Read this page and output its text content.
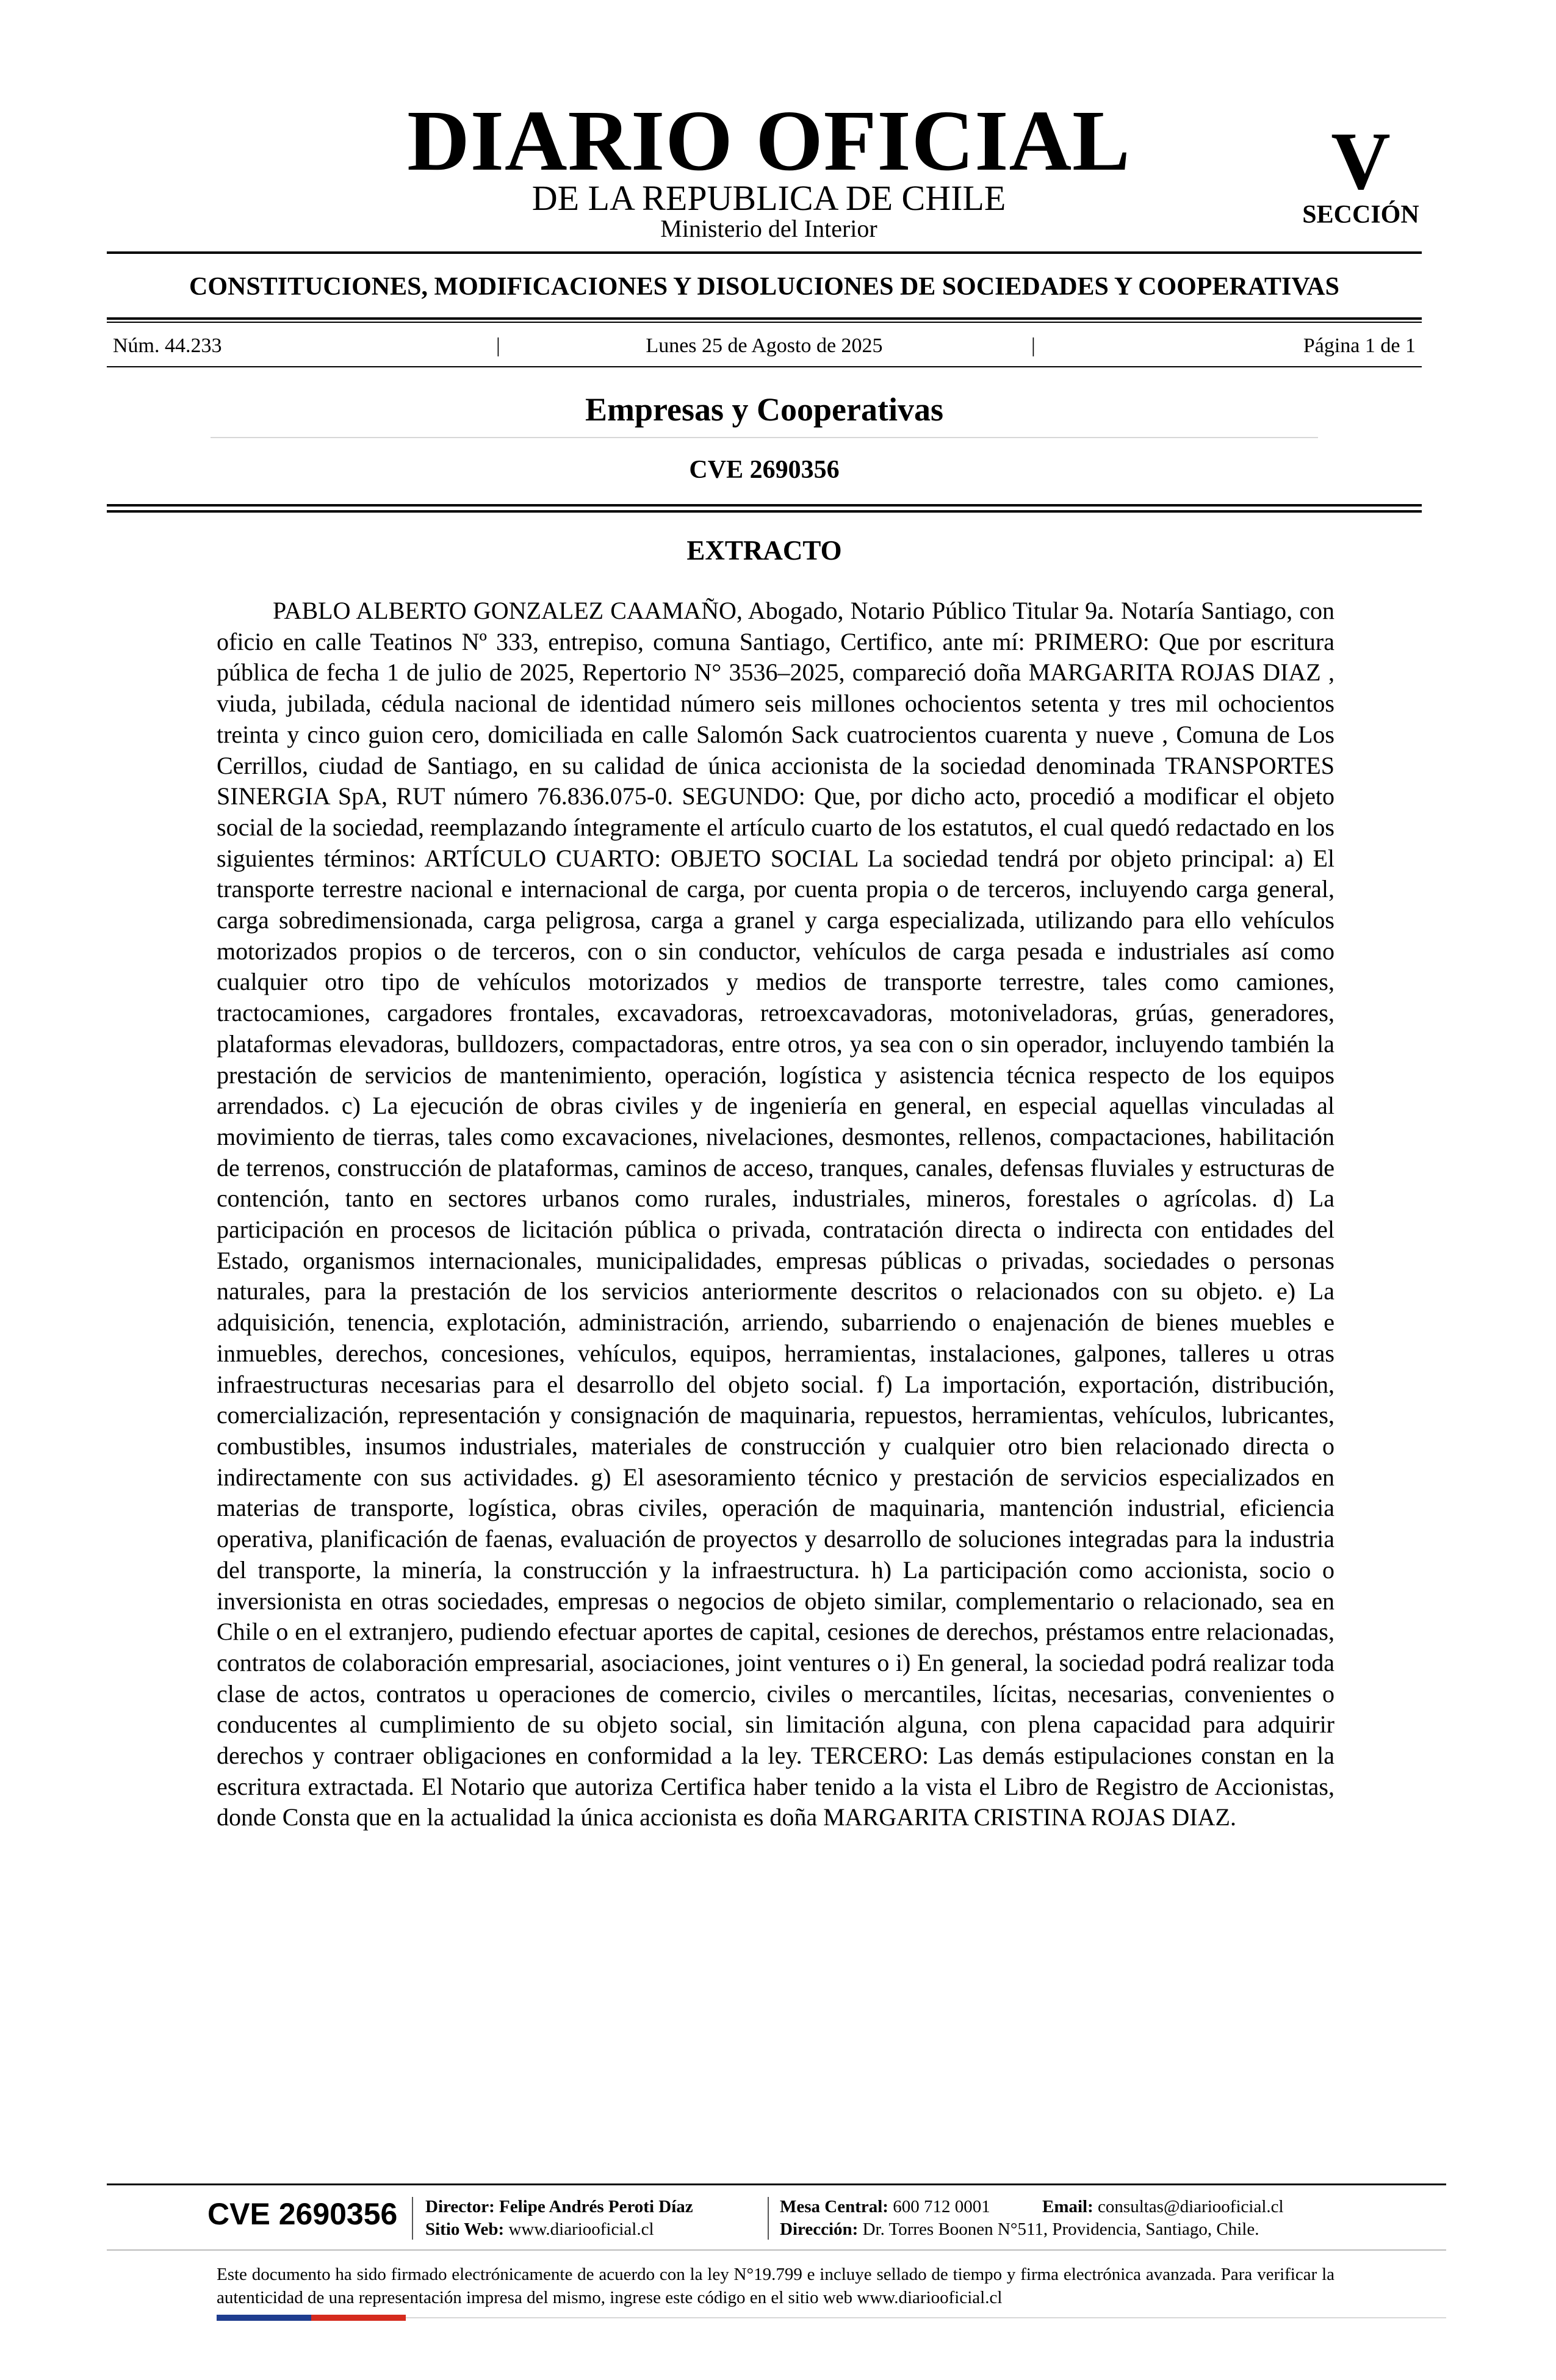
DIARIO OFICIAL
DE LA REPUBLICA DE CHILE
Ministerio del Interior
V
SECCIÓN
CONSTITUCIONES, MODIFICACIONES Y DISOLUCIONES DE SOCIEDADES Y COOPERATIVAS
Núm. 44.233	|	Lunes 25 de Agosto de 2025	|	Página 1 de 1
Empresas y Cooperativas
CVE 2690356
EXTRACTO
PABLO ALBERTO GONZALEZ CAAMAÑO, Abogado, Notario Público Titular 9a. Notaría Santiago, con oficio en calle Teatinos Nº 333, entrepiso, comuna Santiago, Certifico, ante mí: PRIMERO: Que por escritura pública de fecha 1 de julio de 2025, Repertorio N° 3536–2025, compareció doña MARGARITA ROJAS DIAZ , viuda, jubilada, cédula nacional de identidad número seis millones ochocientos setenta y tres mil ochocientos treinta y cinco guion cero, domiciliada en calle Salomón Sack cuatrocientos cuarenta y nueve , Comuna de Los Cerrillos, ciudad de Santiago, en su calidad de única accionista de la sociedad denominada TRANSPORTES SINERGIA SpA, RUT número 76.836.075-0. SEGUNDO: Que, por dicho acto, procedió a modificar el objeto social de la sociedad, reemplazando íntegramente el artículo cuarto de los estatutos, el cual quedó redactado en los siguientes términos: ARTÍCULO CUARTO: OBJETO SOCIAL La sociedad tendrá por objeto principal: a) El transporte terrestre nacional e internacional de carga, por cuenta propia o de terceros, incluyendo carga general, carga sobredimensionada, carga peligrosa, carga a granel y carga especializada, utilizando para ello vehículos motorizados propios o de terceros, con o sin conductor, vehículos de carga pesada e industriales así como cualquier otro tipo de vehículos motorizados y medios de transporte terrestre, tales como camiones, tractocamiones, cargadores frontales, excavadoras, retroexcavadoras, motoniveladoras, grúas, generadores, plataformas elevadoras, bulldozers, compactadoras, entre otros, ya sea con o sin operador, incluyendo también la prestación de servicios de mantenimiento, operación, logística y asistencia técnica respecto de los equipos arrendados. c) La ejecución de obras civiles y de ingeniería en general, en especial aquellas vinculadas al movimiento de tierras, tales como excavaciones, nivelaciones, desmontes, rellenos, compactaciones, habilitación de terrenos, construcción de plataformas, caminos de acceso, tranques, canales, defensas fluviales y estructuras de contención, tanto en sectores urbanos como rurales, industriales, mineros, forestales o agrícolas. d) La participación en procesos de licitación pública o privada, contratación directa o indirecta con entidades del Estado, organismos internacionales, municipalidades, empresas públicas o privadas, sociedades o personas naturales, para la prestación de los servicios anteriormente descritos o relacionados con su objeto. e) La adquisición, tenencia, explotación, administración, arriendo, subarriendo o enajenación de bienes muebles e inmuebles, derechos, concesiones, vehículos, equipos, herramientas, instalaciones, galpones, talleres u otras infraestructuras necesarias para el desarrollo del objeto social. f) La importación, exportación, distribución, comercialización, representación y consignación de maquinaria, repuestos, herramientas, vehículos, lubricantes, combustibles, insumos industriales, materiales de construcción y cualquier otro bien relacionado directa o indirectamente con sus actividades. g) El asesoramiento técnico y prestación de servicios especializados en materias de transporte, logística, obras civiles, operación de maquinaria, mantención industrial, eficiencia operativa, planificación de faenas, evaluación de proyectos y desarrollo de soluciones integradas para la industria del transporte, la minería, la construcción y la infraestructura. h) La participación como accionista, socio o inversionista en otras sociedades, empresas o negocios de objeto similar, complementario o relacionado, sea en Chile o en el extranjero, pudiendo efectuar aportes de capital, cesiones de derechos, préstamos entre relacionadas, contratos de colaboración empresarial, asociaciones, joint ventures o i) En general, la sociedad podrá realizar toda clase de actos, contratos u operaciones de comercio, civiles o mercantiles, lícitas, necesarias, convenientes o conducentes al cumplimiento de su objeto social, sin limitación alguna, con plena capacidad para adquirir derechos y contraer obligaciones en conformidad a la ley. TERCERO: Las demás estipulaciones constan en la escritura extractada. El Notario que autoriza Certifica haber tenido a la vista el Libro de Registro de Accionistas, donde Consta que en la actualidad la única accionista es doña MARGARITA CRISTINA ROJAS DIAZ.
CVE 2690356 Director: Felipe Andrés Peroti Díaz
Sitio Web: www.diariooficial.cl
Mesa Central: 600 712 0001	Email: consultas@diariooficial.cl
Dirección: Dr. Torres Boonen N°511, Providencia, Santiago, Chile.
Este documento ha sido firmado electrónicamente de acuerdo con la ley N°19.799 e incluye sellado de tiempo y firma electrónica avanzada. Para verificar la autenticidad de una representación impresa del mismo, ingrese este código en el sitio web www.diariooficial.cl
